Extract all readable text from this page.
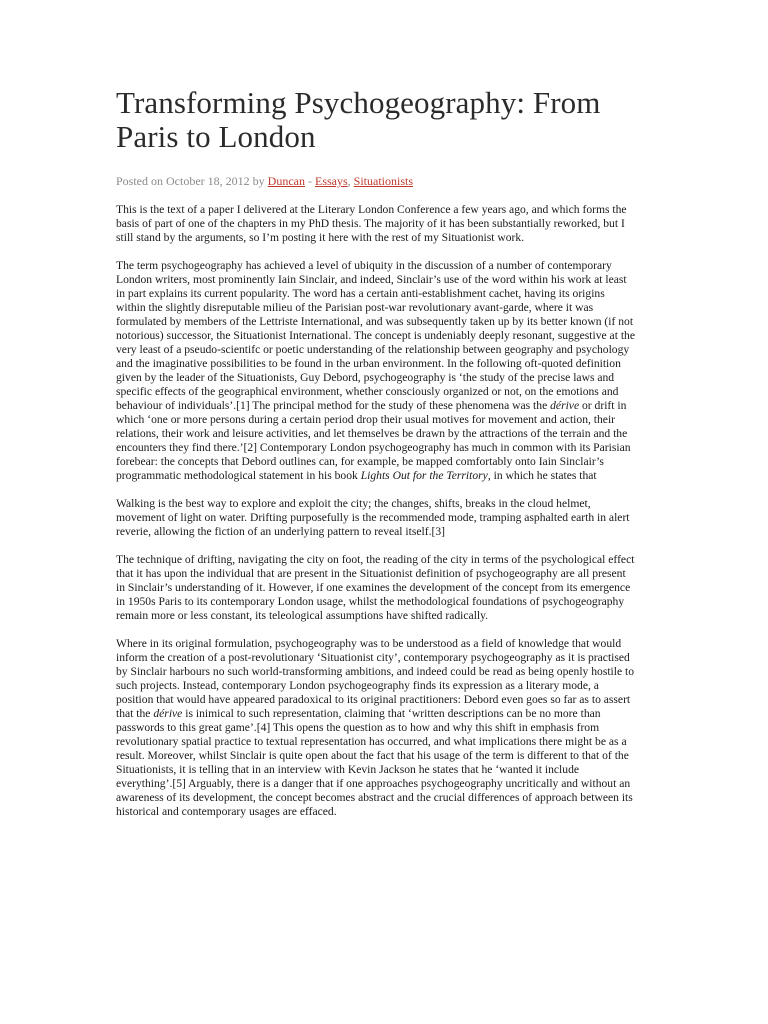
Transforming Psychogeography: From Paris to London
Posted on October 18, 2012 by Duncan - Essays, Situationists

This is the text of a paper I delivered at the Literary London Conference a few years ago, and which forms the basis of part of one of the chapters in my PhD thesis. The majority of it has been substantially reworked, but I still stand by the arguments, so I’m posting it here with the rest of my Situationist work.

The term psychogeography has achieved a level of ubiquity in the discussion of a number of contemporary London writers, most prominently Iain Sinclair, and indeed, Sinclair’s use of the word within his work at least in part explains its current popularity. The word has a certain anti-establishment cachet, having its origins within the slightly disreputable milieu of the Parisian post-war revolutionary avant-garde, where it was formulated by members of the Lettriste International, and was subsequently taken up by its better known (if not notorious) successor, the Situationist International. The concept is undeniably deeply resonant, suggestive at the very least of a pseudo-scientifc or poetic understanding of the relationship between geography and psychology and the imaginative possibilities to be found in the urban environment. In the following oft-quoted definition given by the leader of the Situationists, Guy Debord, psychogeography is ‘the study of the precise laws and specific effects of the geographical environment, whether consciously organized or not, on the emotions and behaviour of individuals’.[1] The principal method for the study of these phenomena was the dérive or drift in which ‘one or more persons during a certain period drop their usual motives for movement and action, their relations, their work and leisure activities, and let themselves be drawn by the attractions of the terrain and the encounters they find there.’[2] Contemporary London psychogeography has much in common with its Parisian forebear: the concepts that Debord outlines can, for example, be mapped comfortably onto Iain Sinclair’s programmatic methodological statement in his book Lights Out for the Territory, in which he states that

Walking is the best way to explore and exploit the city; the changes, shifts, breaks in the cloud helmet, movement of light on water. Drifting purposefully is the recommended mode, tramping asphalted earth in alert reverie, allowing the fiction of an underlying pattern to reveal itself.[3]

The technique of drifting, navigating the city on foot, the reading of the city in terms of the psychological effect that it has upon the individual that are present in the Situationist definition of psychogeography are all present in Sinclair’s understanding of it. However, if one examines the development of the concept from its emergence in 1950s Paris to its contemporary London usage, whilst the methodological foundations of psychogeography remain more or less constant, its teleological assumptions have shifted radically.

Where in its original formulation, psychogeography was to be understood as a field of knowledge that would inform the creation of a post-revolutionary ‘Situationist city’, contemporary psychogeography as it is practised by Sinclair harbours no such world-transforming ambitions, and indeed could be read as being openly hostile to such projects. Instead, contemporary London psychogeography finds its expression as a literary mode, a position that would have appeared paradoxical to its original practitioners: Debord even goes so far as to assert that the dérive is inimical to such representation, claiming that ‘written descriptions can be no more than passwords to this great game’.[4] This opens the question as to how and why this shift in emphasis from revolutionary spatial practice to textual representation has occurred, and what implications there might be as a result. Moreover, whilst Sinclair is quite open about the fact that his usage of the term is different to that of the Situationists, it is telling that in an interview with Kevin Jackson he states that he ‘wanted it include everything’.[5] Arguably, there is a danger that if one approaches psychogeography uncritically and without an awareness of its development, the concept becomes abstract and the crucial differences of approach between its historical and contemporary usages are effaced.
